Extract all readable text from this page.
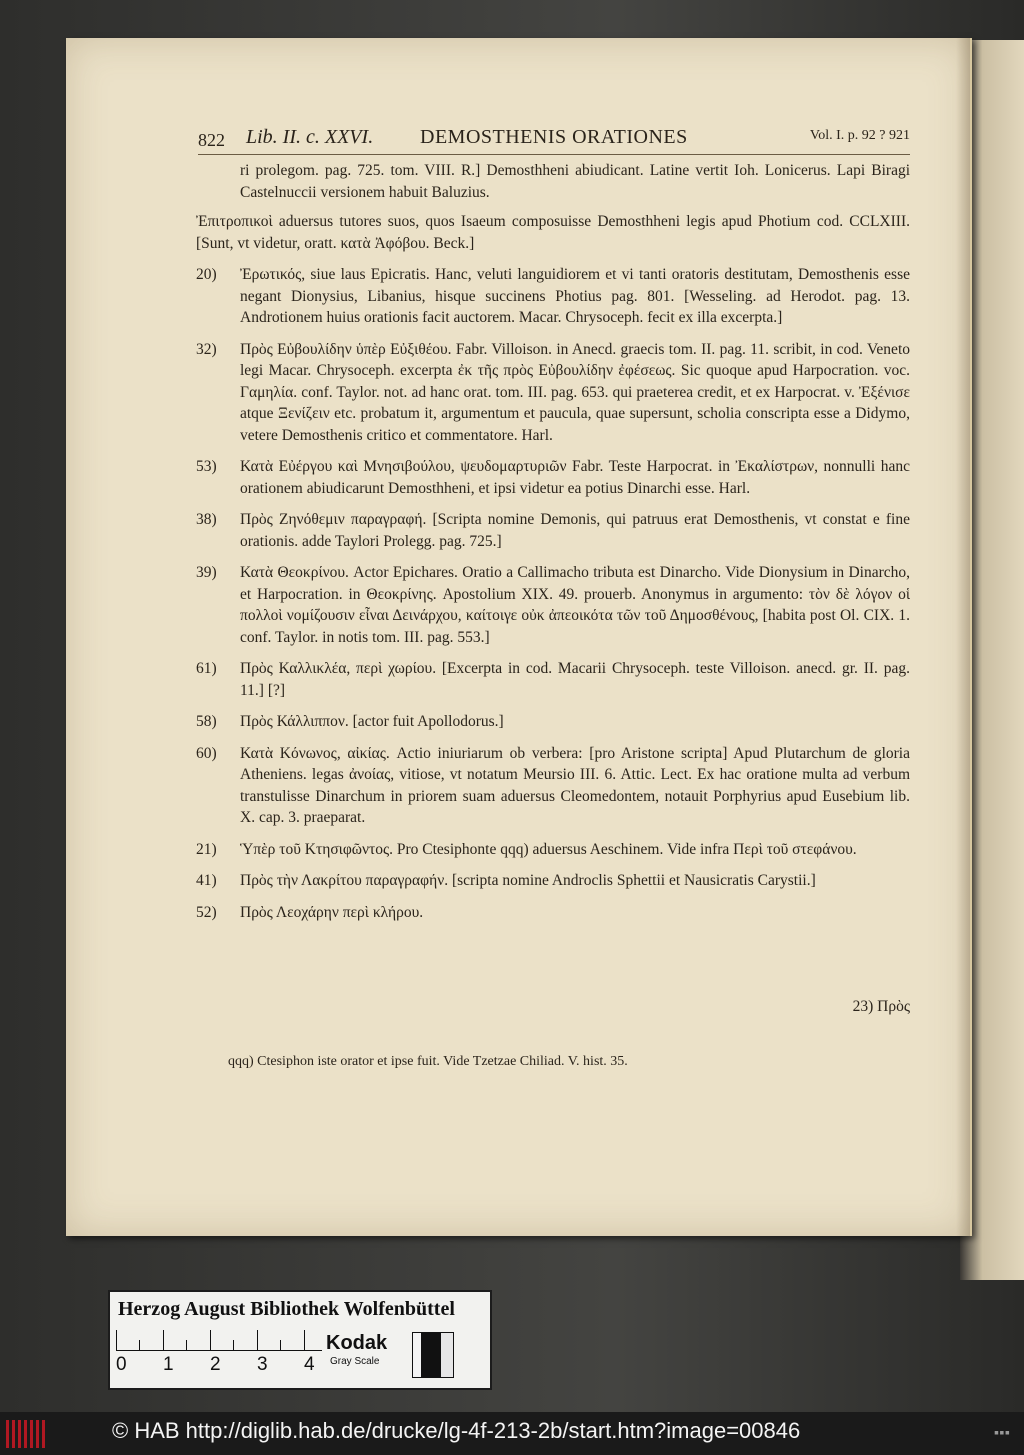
822 Lib. II. c. XXVI. DEMOSTHENIS ORATIONES	Vol. I. p. 92 ? 921
ri prolegom. pag. 725. tom. VIII. R.] Demosthheni abiudicant. Latine vertit Ioh. Lonicerus. Lapi Biragi Castelnuccii versionem habuit Baluzius.
Ἐπιτροπικοὶ aduersus tutores suos, quos Isaeum composuisse Demosthheni legis apud Photium cod. CCLXIII. [Sunt, vt videtur, oratt. κατὰ Ἀφόβου. Beck.]
20)	Ἐρωτικός, siue laus Epicratis. Hanc, veluti languidiorem et vi tanti oratoris destitutam, Demosthenis esse negant Dionysius, Libanius, hisque succinens Photius pag. 801. [Wesseling. ad Herodot. pag. 13. Androtionem huius orationis facit auctorem. Macar. Chrysoceph. fecit ex illa excerpta.]
32)	Πρὸς Εὐβουλίδην ὑπὲρ Εὐξιθέου. Fabr. Villoison. in Anecd. graecis tom. II. pag. 11. scribit, in cod. Veneto legi Macar. Chrysoceph. excerpta ἐκ τῆς πρὸς Εὐβουλίδην ἐφέσεως. Sic quoque apud Harpocration. voc. Γαμηλία. conf. Taylor. not. ad hanc orat. tom. III. pag. 653. qui praeterea credit, et ex Harpocrat. v. Ἐξένισε atque Ξενίζειν etc. probatum it, argumentum et paucula, quae supersunt, scholia conscripta esse a Didymo, vetere Demosthenis critico et commentatore. Harl.
53)	Κατὰ Εὐέργου καὶ Μνησιβούλου, ψευδομαρτυριῶν Fabr. Teste Harpocrat. in Ἐκαλίστρων, nonnulli hanc orationem abiudicarunt Demosthheni, et ipsi videtur ea potius Dinarchi esse. Harl.
38)	Πρὸς Ζηνόθεμιν παραγραφή. [Scripta nomine Demonis, qui patruus erat Demosthenis, vt constat e fine orationis. adde Taylori Prolegg. pag. 725.]
39)	Κατὰ Θεοκρίνου. Actor Epichares. Oratio a Callimacho tributa est Dinarcho. Vide Dionysium in Dinarcho, et Harpocration. in Θεοκρίνης. Apostolium XIX. 49. prouerb. Anonymus in argumento: τὸν δὲ λόγον οἱ πολλοὶ νομίζουσιν εἶναι Δεινάρχου, καίτοιγε οὐκ ἀπεοικότα τῶν τοῦ Δημοσθένους, [habita post Ol. CIX. 1. conf. Taylor. in notis tom. III. pag. 553.]
61)	Πρὸς Καλλικλέα, περὶ χωρίου. [Excerpta in cod. Macarii Chrysoceph. teste Villoison. anecd. gr. II. pag. 11.] [?]
58)	Πρὸς Κάλλιππον. [actor fuit Apollodorus.]
60)	Κατὰ Κόνωνος, αἰκίας. Actio iniuriarum ob verbera: [pro Aristone scripta] Apud Plutarchum de gloria Atheniens. legas ἀνοίας, vitiose, vt notatum Meursio III. 6. Attic. Lect. Ex hac oratione multa ad verbum transtulisse Dinarchum in priorem suam aduersus Cleomedontem, notauit Porphyrius apud Eusebium lib. X. cap. 3. praeparat.
21)	Ὑπὲρ τοῦ Κτησιφῶντος. Pro Ctesiphonte qqq) aduersus Aeschinem. Vide infra Περὶ τοῦ στεφάνου.
41)	Πρὸς τὴν Λακρίτου παραγραφήν. [scripta nomine Androclis Sphettii et Nausicratis Carystii.]
52)	Πρὸς Λεοχάρην περὶ κλήρου.
23) Πρὸς
qqq) Ctesiphon iste orator et ipse fuit. Vide Tzetzae Chiliad. V. hist. 35.
Herzog August Bibliothek Wolfenbüttel
0 1 2 3 4
Kodak
Gray Scale
© HAB http://diglib.hab.de/drucke/lg-4f-213-2b/start.htm?image=00846	▪▪▪
